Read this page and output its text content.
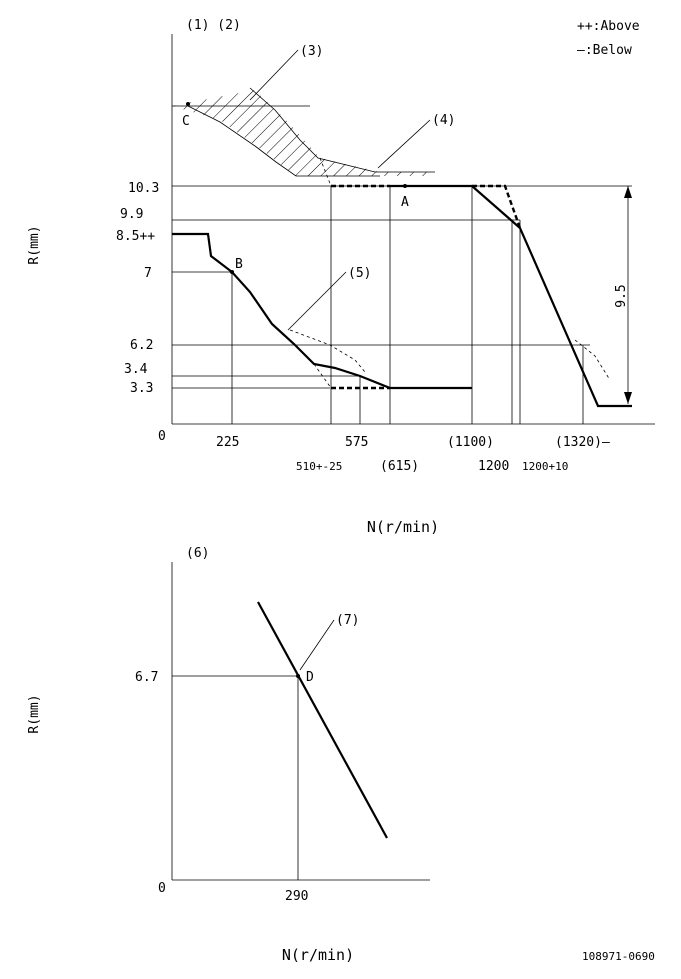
++:Above
—:Below
(1) (2)
R(mm)
N(r/min)
0
10.3
9.9
8.5++
7
6.2
3.4
3.3
225
510+-25
575
(615)
(1100)
1200 1200+10
(1320)—
9.5
A
B
C
(3)
(4)
(5)
(6)
R(mm)
N(r/min)
0
6.7
290
D
(7)
108971-0690
